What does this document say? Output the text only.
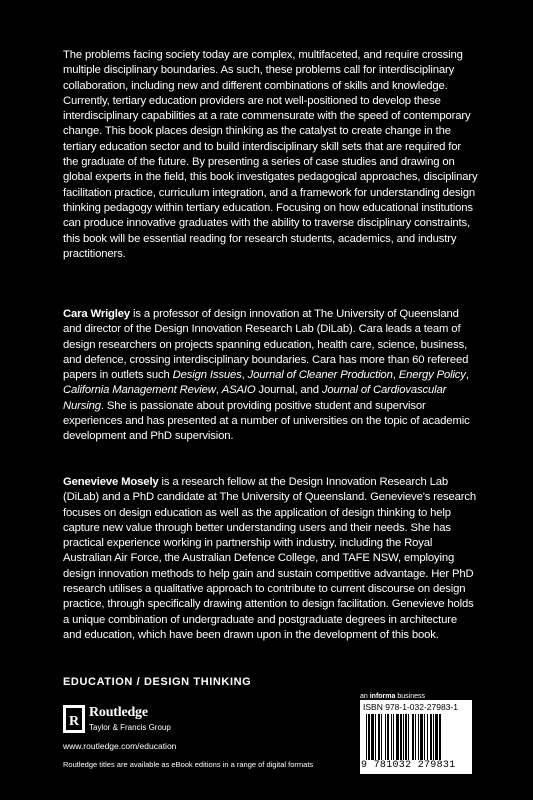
The problems facing society today are complex, multifaceted, and require crossing multiple disciplinary boundaries. As such, these problems call for interdisciplinary collaboration, including new and different combinations of skills and knowledge. Currently, tertiary education providers are not well-positioned to develop these interdisciplinary capabilities at a rate commensurate with the speed of contemporary change. This book places design thinking as the catalyst to create change in the tertiary education sector and to build interdisciplinary skill sets that are required for the graduate of the future. By presenting a series of case studies and drawing on global experts in the field, this book investigates pedagogical approaches, disciplinary facilitation practice, curriculum integration, and a framework for understanding design thinking pedagogy within tertiary education. Focusing on how educational institutions can produce innovative graduates with the ability to traverse disciplinary constraints, this book will be essential reading for research students, academics, and industry practitioners.

Cara Wrigley is a professor of design innovation at The University of Queensland and director of the Design Innovation Research Lab (DiLab). Cara leads a team of design researchers on projects spanning education, health care, science, business, and defence, crossing interdisciplinary boundaries. Cara has more than 60 refereed papers in outlets such Design Issues, Journal of Cleaner Production, Energy Policy, California Management Review, ASAIO Journal, and Journal of Cardiovascular Nursing. She is passionate about providing positive student and supervisor experiences and has presented at a number of universities on the topic of academic development and PhD supervision.

Genevieve Mosely is a research fellow at the Design Innovation Research Lab (DiLab) and a PhD candidate at The University of Queensland. Genevieve's research focuses on design education as well as the application of design thinking to help capture new value through better understanding users and their needs. She has practical experience working in partnership with industry, including the Royal Australian Air Force, the Australian Defence College, and TAFE NSW, employing design innovation methods to help gain and sustain competitive advantage. Her PhD research utilises a qualitative approach to contribute to current discourse on design practice, through specifically drawing attention to design facilitation. Genevieve holds a unique combination of undergraduate and postgraduate degrees in architecture and education, which have been drawn upon in the development of this book.

EDUCATION / DESIGN THINKING
R
Routledge
Taylor & Francis Group
www.routledge.com/education
Routledge titles are available as eBook editions in a range of digital formats
an informa business
ISBN 978-1-032-27983-1
9 781032 279831
